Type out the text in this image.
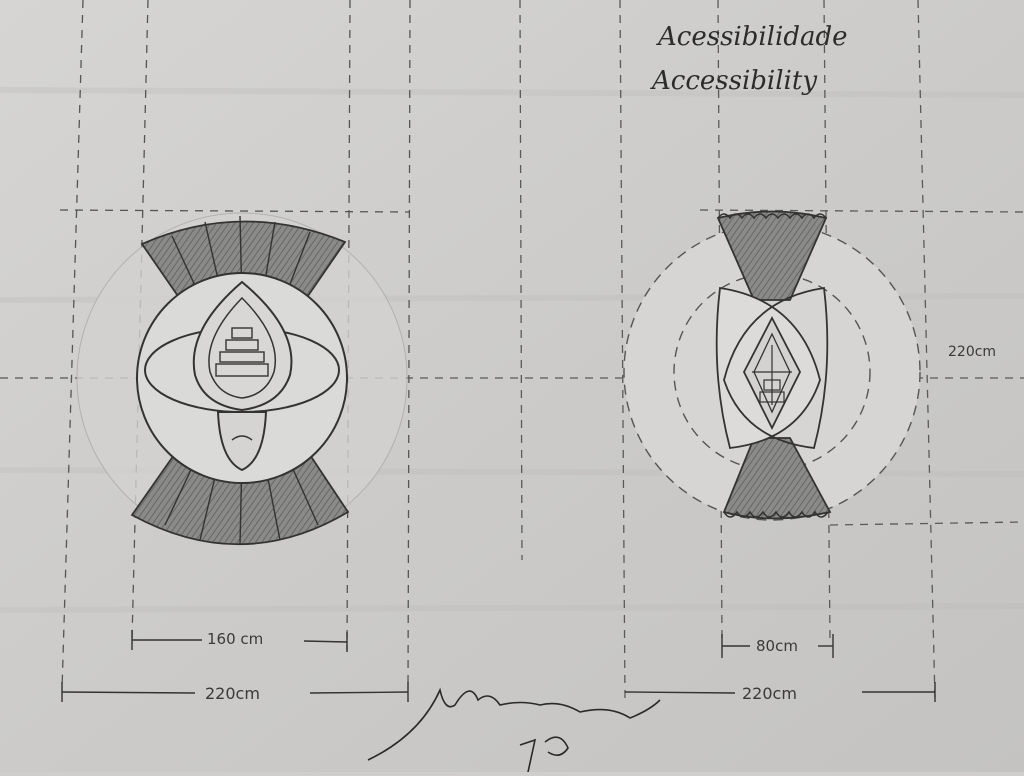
Acessibilidade
Accessibility
160 cm
220cm
80cm
220cm
220cm
